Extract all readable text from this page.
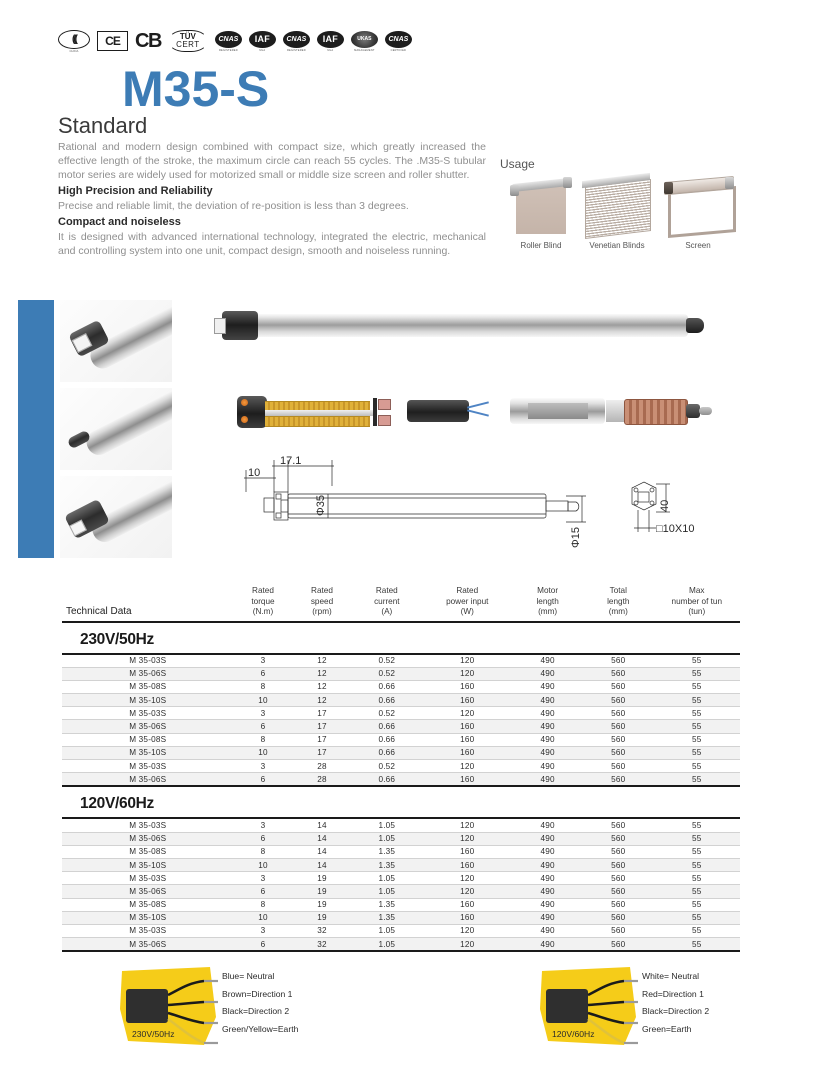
(((
CHINA
CE CB TÜV
CERT
CNAS
REGISTERED
IAF
MLA
CNAS
REGISTERED
IAF
MLA
UKAS
MANAGEMENT
CNAS
CERTIFIED
M35-S
Standard

Rational and modern design combined with compact size, which greatly increased the effective length of the stroke, the maximum circle can reach 55 cycles. The .M35-S tubular motor series are widely used for motorized small or middle size screen and roller shutter.

High Precision and Reliability

Precise and reliable limit, the deviation of re-position is less than 3 degrees.

Compact and noiseless

It is designed with advanced international technology, integrated the electric, mechanical and controlling system into one unit, compact design, smooth and noiseless running.

Usage
Roller Blind	Venetian Blinds	Screen
10
17.1
Φ35
Φ15
40
□10X10
Technical Data	Rated
torque
(N.m)	Rated
speed
(rpm)	Rated
current
(A)	Rated
power input
(W)	Motor
length
(mm)	Total
length
(mm)	Max
number of tun
(tun)

230V/50Hz							

M 35-03S	3	12	0.52	120	490	560	55
M 35-06S	6	12	0.52	120	490	560	55
M 35-08S	8	12	0.66	160	490	560	55
M 35-10S	10	12	0.66	160	490	560	55
M 35-03S	3	17	0.52	120	490	560	55
M 35-06S	6	17	0.66	160	490	560	55
M 35-08S	8	17	0.66	160	490	560	55
M 35-10S	10	17	0.66	160	490	560	55
M 35-03S	3	28	0.52	120	490	560	55
M 35-06S	6	28	0.66	160	490	560	55
120V/60Hz							

M 35-03S	3	14	1.05	120	490	560	55
M 35-06S	6	14	1.05	120	490	560	55
M 35-08S	8	14	1.35	160	490	560	55
M 35-10S	10	14	1.35	160	490	560	55
M 35-03S	3	19	1.05	120	490	560	55
M 35-06S	6	19	1.05	120	490	560	55
M 35-08S	8	19	1.35	160	490	560	55
M 35-10S	10	19	1.35	160	490	560	55
M 35-03S	3	32	1.05	120	490	560	55
M 35-06S	6	32	1.05	120	490	560	55
230V/50Hz
Blue= Neutral
Brown=Direction 1
Black=Direction 2
Green/Yellow=Earth
120V/60Hz
White= Neutral
Red=Direction 1
Black=Direction 2
Green=Earth
